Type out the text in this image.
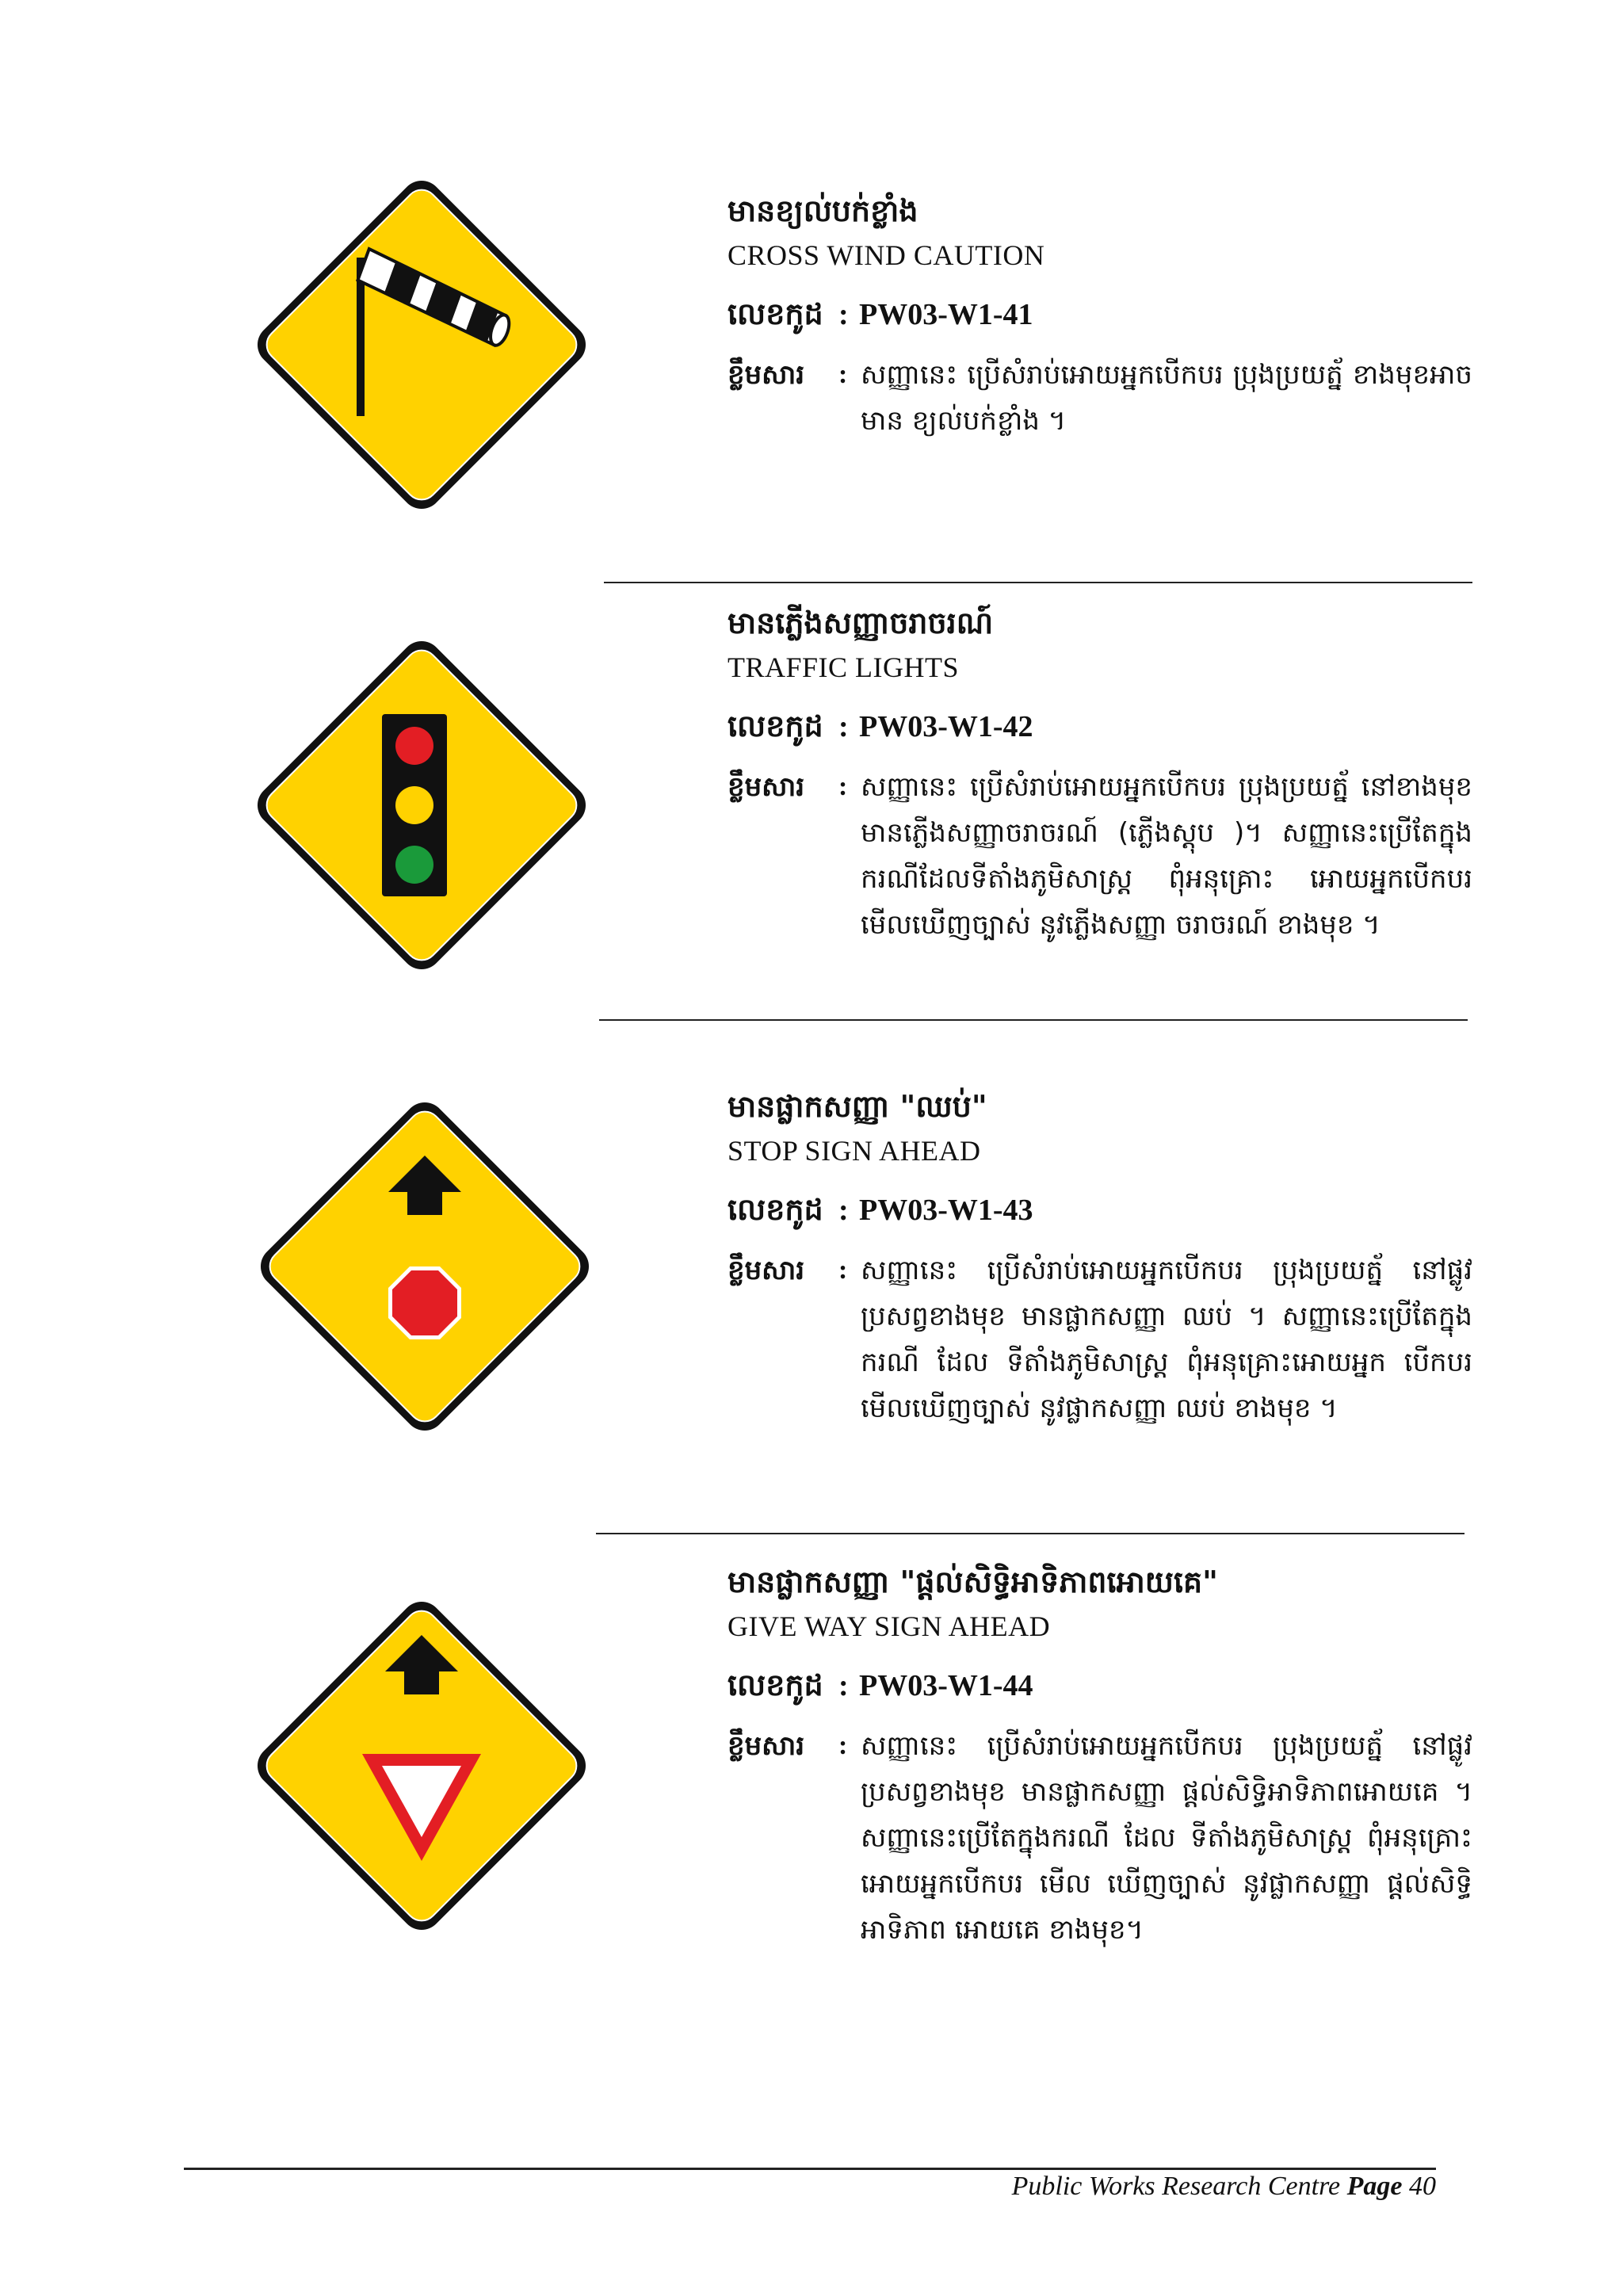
មានខ្យល់បក់ខ្លាំង
CROSS WIND CAUTION
លេខកូដ : PW03-W1-41
ខ្លឹមសារ	: សញ្ញានេះ ប្រើសំរាប់អោយអ្នកបើកបរ ប្រុងប្រយត្ន័ ខាងមុខអាចមាន ខ្យល់បក់ខ្លាំង ។
មានភ្លើងសញ្ញាចរាចរណ៍
TRAFFIC LIGHTS
លេខកូដ : PW03-W1-42
ខ្លឹមសារ	: សញ្ញានេះ ប្រើសំរាប់អោយអ្នកបើកបរ ប្រុងប្រយត្ន័ នៅខាងមុខមានភ្លើងសញ្ញាចរាចរណ៍ (ភ្លើងស្តុប )។ សញ្ញានេះប្រើតែក្នុងករណីដែលទីតាំងភូមិសាស្រ្ត ពុំអនុគ្រោះ អោយអ្នកបើកបរ មើលឃើញច្បាស់ នូវភ្លើងសញ្ញា ចរាចរណ៍ ខាងមុខ ។
មានផ្លាកសញ្ញា "ឈប់"
STOP SIGN AHEAD
លេខកូដ : PW03-W1-43
ខ្លឹមសារ	: សញ្ញានេះ ប្រើសំរាប់អោយអ្នកបើកបរ ប្រុងប្រយត្ន័ នៅផ្លូវប្រសព្វខាងមុខ មានផ្លាកសញ្ញា ឈប់ ។ សញ្ញានេះប្រើតែក្នុងករណី ដែល ទីតាំងភូមិសាស្រ្ត ពុំអនុគ្រោះអោយអ្នក បើកបរ មើលឃើញច្បាស់ នូវផ្លាកសញ្ញា ឈប់ ខាងមុខ ។
មានផ្លាកសញ្ញា "ផ្តល់សិទ្ធិអាទិភាពអោយគេ"
GIVE WAY SIGN AHEAD
លេខកូដ : PW03-W1-44
ខ្លឹមសារ	: សញ្ញានេះ ប្រើសំរាប់អោយអ្នកបើកបរ ប្រុងប្រយត្ន័ នៅផ្លូវប្រសព្វខាងមុខ មានផ្លាកសញ្ញា ផ្តល់សិទ្ធិអាទិភាពអោយគេ ។ សញ្ញានេះប្រើតែក្នុងករណី ដែល ទីតាំងភូមិសាស្រ្ត ពុំអនុគ្រោះអោយអ្នកបើកបរ មើល ឃើញច្បាស់ នូវផ្លាកសញ្ញា ផ្តល់សិទ្ធិអាទិភាព អោយគេ ខាងមុខ។
Public Works Research Centre Page 40
